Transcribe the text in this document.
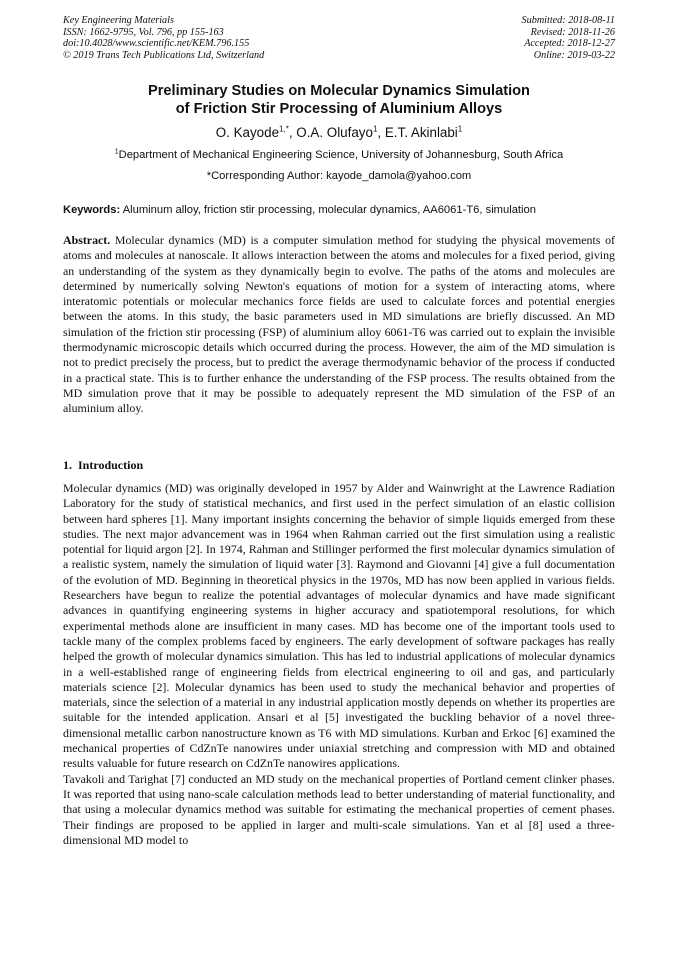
Key Engineering Materials
ISSN: 1662-9795, Vol. 796, pp 155-163
doi:10.4028/www.scientific.net/KEM.796.155
© 2019 Trans Tech Publications Ltd, Switzerland
Submitted: 2018-08-11
Revised: 2018-11-26
Accepted: 2018-12-27
Online: 2019-03-22
Preliminary Studies on Molecular Dynamics Simulation
of Friction Stir Processing of Aluminium Alloys
O. Kayode$^{1,*}$, O.A. Olufayo$^1$, E.T. Akinlabi$^1$
$^1$Department of Mechanical Engineering Science, University of Johannesburg, South Africa
*Corresponding Author: kayode_damola@yahoo.com
Keywords: Aluminum alloy, friction stir processing, molecular dynamics, AA6061-T6, simulation
Abstract. Molecular dynamics (MD) is a computer simulation method for studying the physical movements of atoms and molecules at nanoscale. It allows interaction between the atoms and molecules for a fixed period, giving an understanding of the system as they dynamically begin to evolve. The paths of the atoms and molecules are determined by numerically solving Newton's equations of motion for a system of interacting atoms, where interatomic potentials or molecular mechanics force fields are used to calculate forces and potential energies between the atoms. In this study, the basic parameters used in MD simulations are briefly discussed. An MD simulation of the friction stir processing (FSP) of aluminium alloy 6061-T6 was carried out to explain the invisible thermodynamic microscopic details which occurred during the process. However, the aim of the MD simulation is not to predict precisely the process, but to predict the average thermodynamic behavior of the process if conducted in a practical state. This is to further enhance the understanding of the FSP process. The results obtained from the MD simulation prove that it may be possible to adequately represent the MD simulation of the FSP of an aluminium alloy.
1. Introduction

Molecular dynamics (MD) was originally developed in 1957 by Alder and Wainwright at the Lawrence Radiation Laboratory for the study of statistical mechanics, and first used in the perfect simulation of an elastic collision between hard spheres [1]. Many important insights concerning the behavior of simple liquids emerged from these studies. The next major advancement was in 1964 when Rahman carried out the first simulation using a realistic potential for liquid argon [2]. In 1974, Rahman and Stillinger performed the first molecular dynamics simulation of a realistic system, namely the simulation of liquid water [3]. Raymond and Giovanni [4] give a full documentation of the evolution of MD. Beginning in theoretical physics in the 1970s, MD has now been applied in various fields. Researchers have begun to realize the potential advantages of molecular dynamics and have made significant advances in quantifying engineering systems in higher accuracy and spatiotemporal resolutions, for which experimental methods alone are insufficient in many cases. MD has become one of the important tools used to tackle many of the complex problems faced by engineers. The early development of software packages has really helped the growth of molecular dynamics simulation. This has led to industrial applications of molecular dynamics in a well-established range of engineering fields from electrical engineering to oil and gas, and particularly materials science [2]. Molecular dynamics has been used to study the mechanical behavior and properties of materials, since the selection of a material in any industrial application mostly depends on whether its properties are suitable for the intended application. Ansari et al [5] investigated the buckling behavior of a novel three-dimensional metallic carbon nanostructure known as T6 with MD simulations. Kurban and Erkoc [6] examined the mechanical properties of CdZnTe nanowires under uniaxial stretching and compression with MD and obtained results valuable for future research on CdZnTe nanowires applications.

Tavakoli and Tarighat [7] conducted an MD study on the mechanical properties of Portland cement clinker phases. It was reported that using nano-scale calculation methods lead to better understanding of material functionality, and that using a molecular dynamics method was suitable for estimating the mechanical properties of cement phases. Their findings are proposed to be applied in larger and multi-scale simulations. Yan et al [8] used a three-dimensional MD model to
